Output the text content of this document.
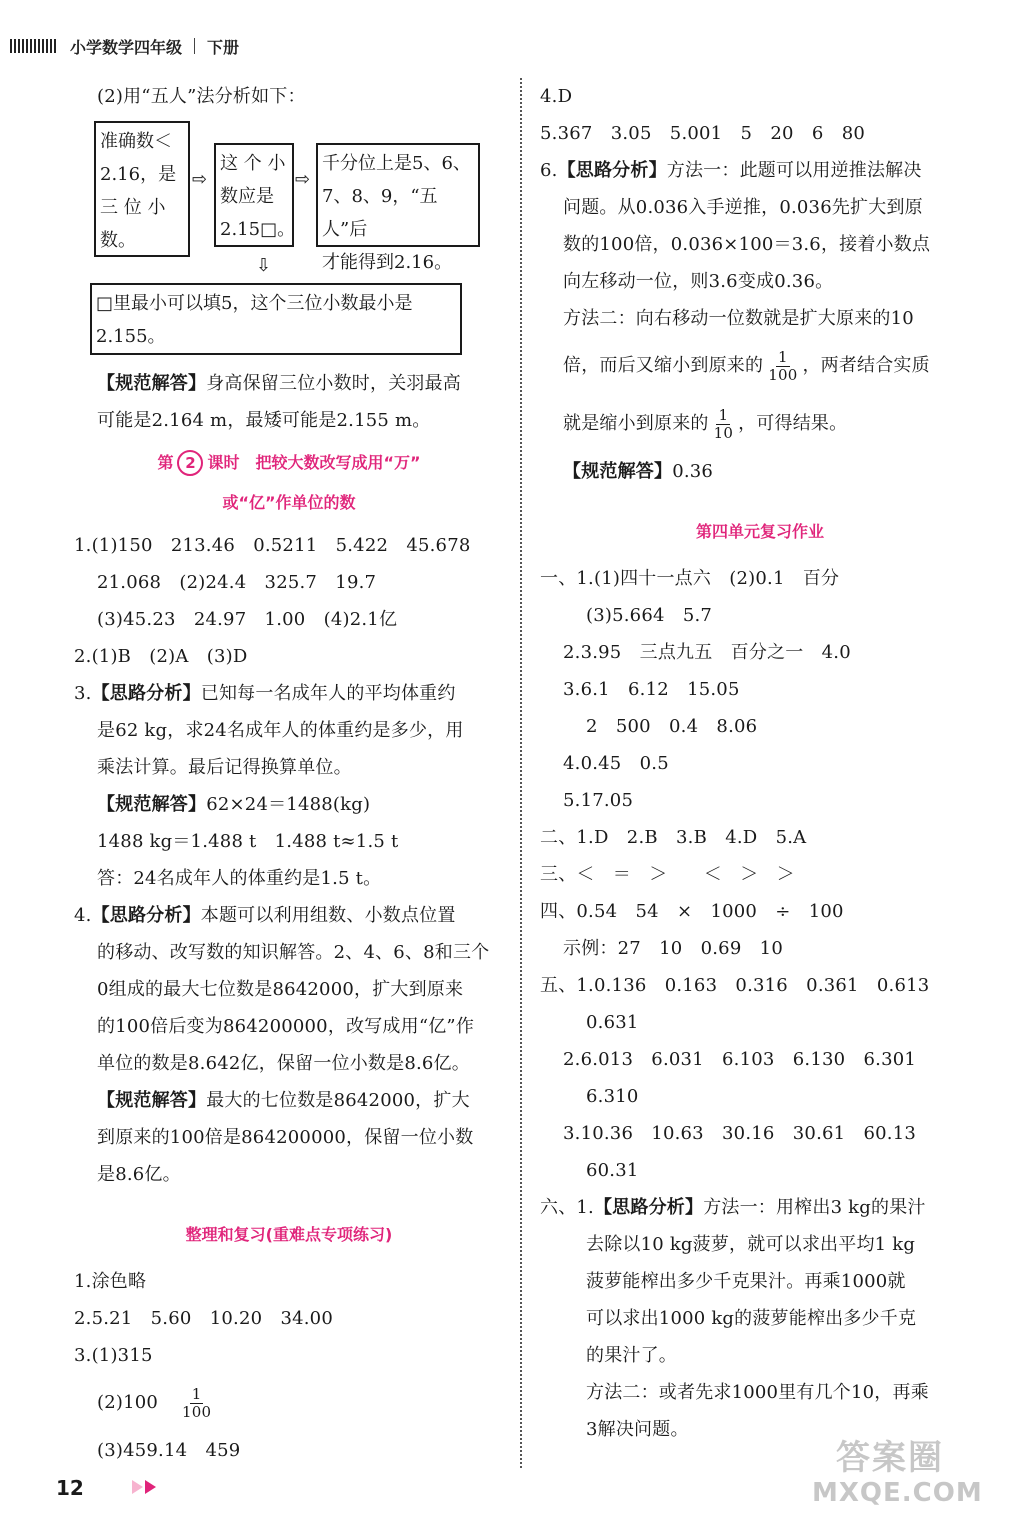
小学数学四年级 下册
(2)用“五人”法分析如下：
准确数＜
2.16，是
三 位 小
数。
⇨
这 个 小
数应是
2.15□。
⇨
千分位上是5、6、
7、8、9，“五人”后
才能得到2.16。
⇩
□里最小可以填5，这个三位小数最小是
2.155。
【规范解答】身高保留三位小数时，关羽最高
可能是2.164 m，最矮可能是2.155 m。
第 2 课时　把较大数改写成用“万”
或“亿”作单位的数
1.(1)150　213.46　0.5211　5.422　45.678
21.068　(2)24.4　325.7　19.7
(3)45.23　24.97　1.00　(4)2.1亿
2.(1)B　(2)A　(3)D
3.【思路分析】已知每一名成年人的平均体重约
是62 kg，求24名成年人的体重约是多少，用
乘法计算。最后记得换算单位。
【规范解答】62×24＝1488(kg)
1488 kg＝1.488 t　1.488 t≈1.5 t
答：24名成年人的体重约是1.5 t。
4.【思路分析】本题可以利用组数、小数点位置
的移动、改写数的知识解答。2、4、6、8和三个
0组成的最大七位数是8642000，扩大到原来
的100倍后变为864200000，改写成用“亿”作
单位的数是8.642亿，保留一位小数是8.6亿。
【规范解答】最大的七位数是8642000，扩大
到原来的100倍是864200000，保留一位小数
是8.6亿。
整理和复习(重难点专项练习)
1.涂色略
2.5.21　5.60　10.20　34.00
3.(1)315
$(2)100 \frac{1}{100}$
(3)459.14　459
4.D
5.367　3.05　5.001　5　20　6　80
6.【思路分析】方法一：此题可以用逆推法解决
问题。从0.036入手逆推，0.036先扩大到原
数的100倍，0.036×100＝3.6，接着小数点
向左移动一位，则3.6变成0.36。
方法二：向右移动一位数就是扩大原来的10
倍，而后又缩小到原来的 $\frac{1}{100}$ ，两者结合实质
就是缩小到原来的 $\frac{1}{10}$ ，可得结果。
【规范解答】0.36
第四单元复习作业
一、1.(1)四十一点六　(2)0.1　百分
(3)5.664　5.7
2.3.95　三点九五　百分之一　4.0
3.6.1　6.12　15.05
2　500　0.4　8.06
4.0.45　0.5
5.17.05
二、1.D　2.B　3.B　4.D　5.A
三、＜　＝　＞　　＜　＞　＞
四、0.54　54　×　1000　÷　100
示例：27　10　0.69　10
五、1.0.136　0.163　0.316　0.361　0.613
0.631
2.6.013　6.031　6.103　6.130　6.301
6.310
3.10.36　10.63　30.16　30.61　60.13
60.31
六、1.【思路分析】方法一：用榨出3 kg的果汁
去除以10 kg菠萝，就可以求出平均1 kg
菠萝能榨出多少千克果汁。再乘1000就
可以求出1000 kg的菠萝能榨出多少千克
的果汁了。
方法二：或者先求1000里有几个10，再乘
3解决问题。
12
答案圈
MXQE.COM
